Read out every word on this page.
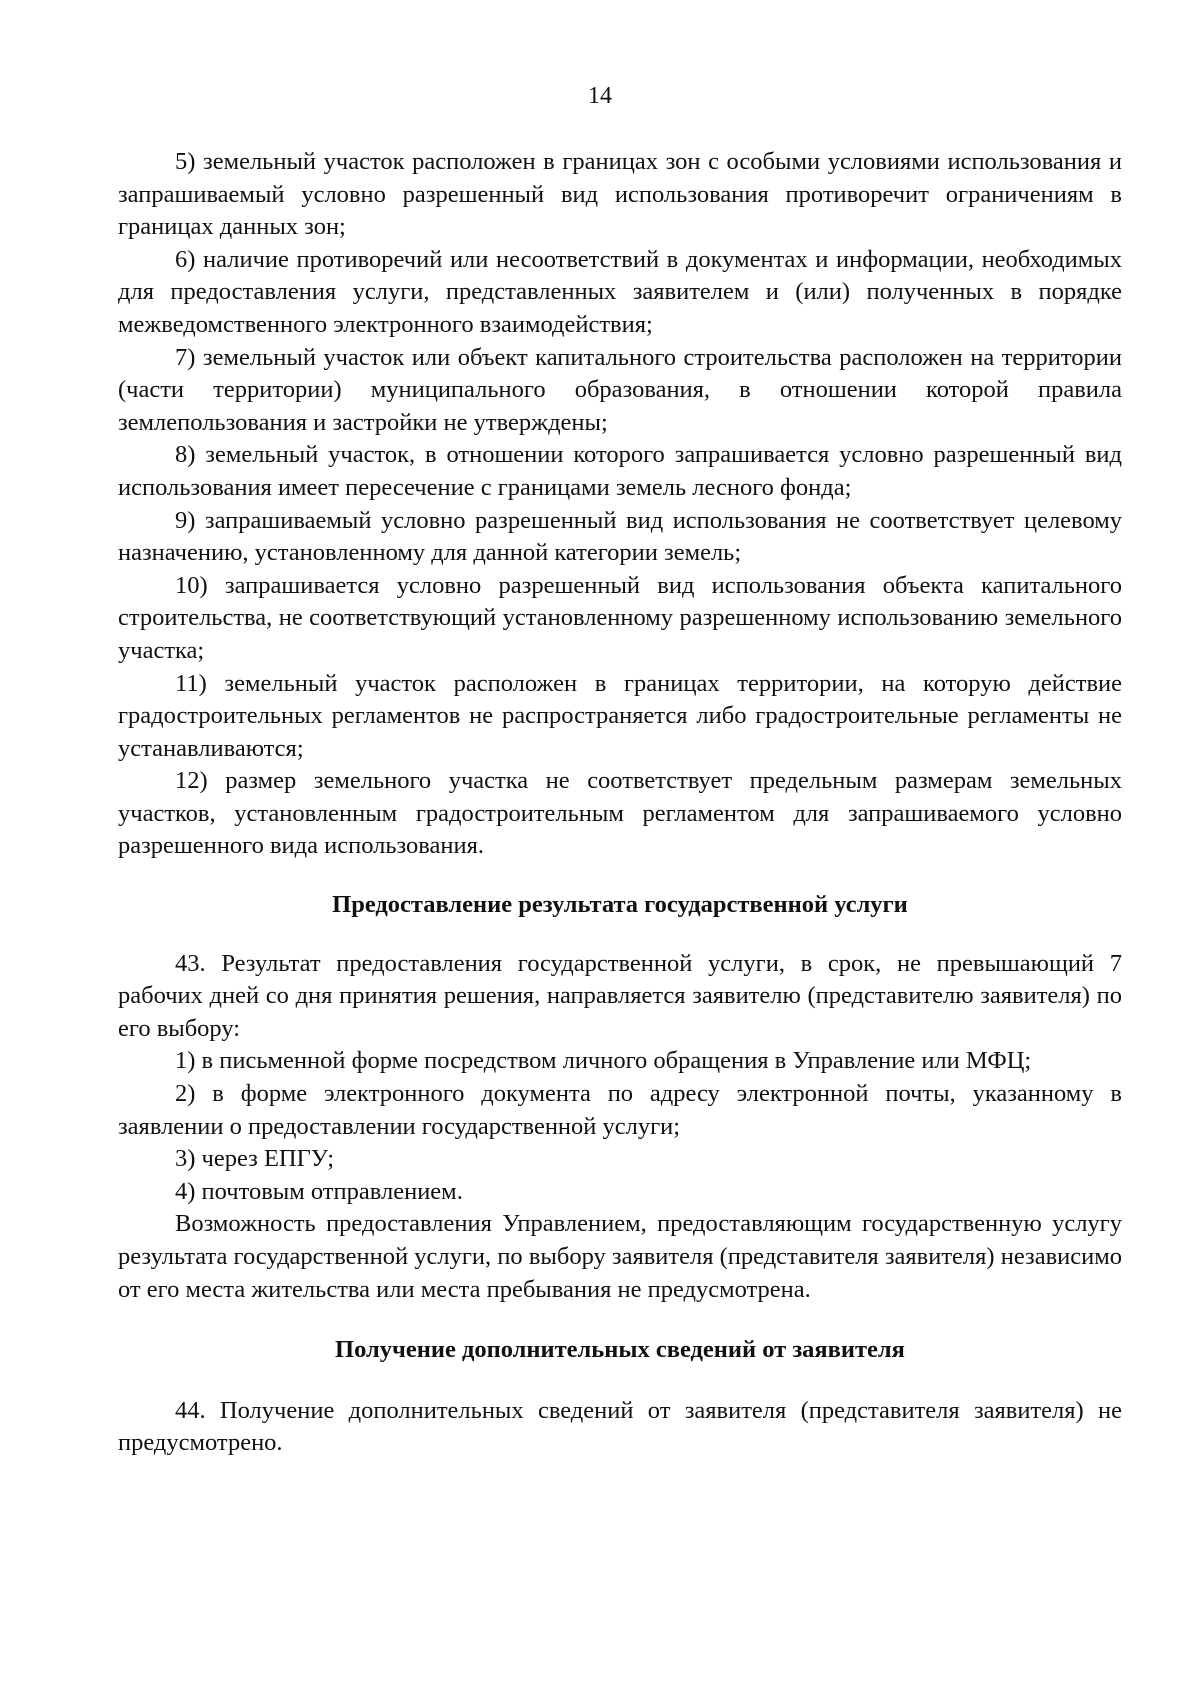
14

5) земельный участок расположен в границах зон с особыми условиями использования и запрашиваемый условно разрешенный вид использования противоречит ограничениям в границах данных зон;

6) наличие противоречий или несоответствий в документах и информации, необходимых для предоставления услуги, представленных заявителем и (или) полученных в порядке межведомственного электронного взаимодействия;

7) земельный участок или объект капитального строительства расположен на территории (части территории) муниципального образования, в отношении которой правила землепользования и застройки не утверждены;

8) земельный участок, в отношении которого запрашивается условно разрешенный вид использования имеет пересечение с границами земель лесного фонда;

9) запрашиваемый условно разрешенный вид использования не соответствует целевому назначению, установленному для данной категории земель;

10) запрашивается условно разрешенный вид использования объекта капитального строительства, не соответствующий установленному разрешенному использованию земельного участка;

11) земельный участок расположен в границах территории, на которую действие градостроительных регламентов не распространяется либо градостроительные регламенты не устанавливаются;

12) размер земельного участка не соответствует предельным размерам земельных участков, установленным градостроительным регламентом для запрашиваемого условно разрешенного вида использования.

Предоставление результата государственной услуги

43. Результат предоставления государственной услуги, в срок, не превышающий 7 рабочих дней со дня принятия решения, направляется заявителю (представителю заявителя) по его выбору:

1) в письменной форме посредством личного обращения в Управление или МФЦ;

2) в форме электронного документа по адресу электронной почты, указанному в заявлении о предоставлении государственной услуги;

3) через ЕПГУ;

4) почтовым отправлением.

Возможность предоставления Управлением, предоставляющим государственную услугу результата государственной услуги, по выбору заявителя (представителя заявителя) независимо от его места жительства или места пребывания не предусмотрена.

Получение дополнительных сведений от заявителя

44. Получение дополнительных сведений от заявителя (представителя заявителя) не предусмотрено.
